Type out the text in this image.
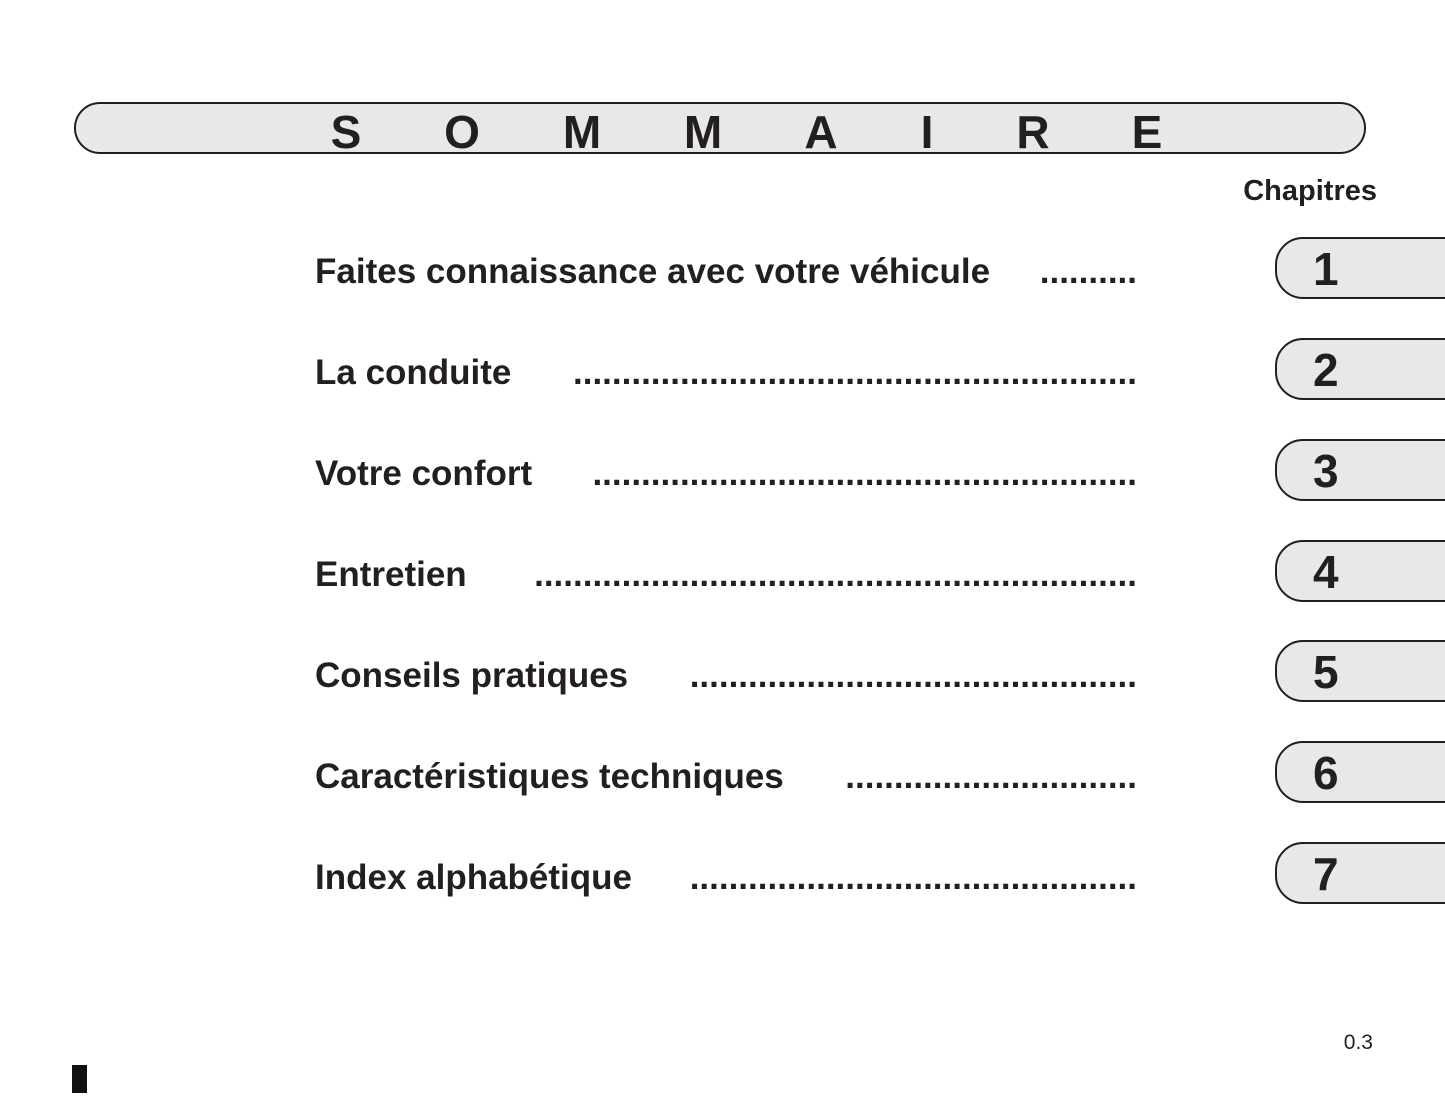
S	O M M A	I	R	E
Chapitres
Faites connaissance avec votre véhicule ..........	1
La conduite	..........................................................	2
Votre confort	........................................................	3
Entretien	..............................................................	4
Conseils pratiques	..............................................	5
Caractéristiques techniques	..............................	6
Index alphabétique	..............................................	7
0.3
